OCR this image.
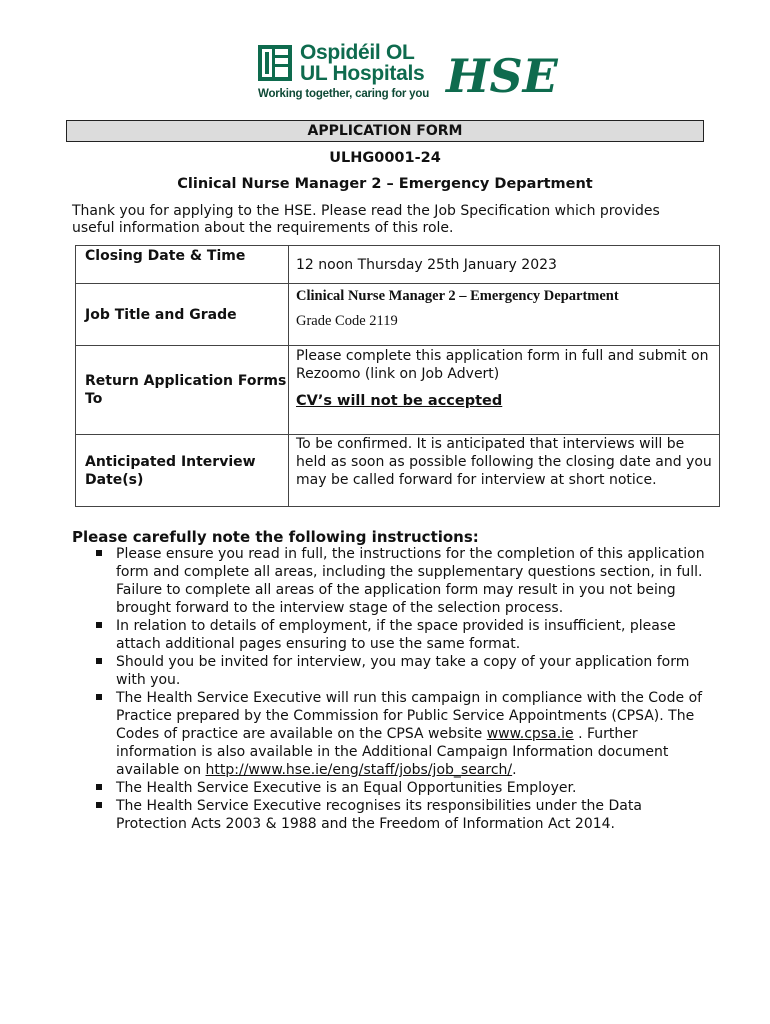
Ospidéil OL
UL Hospitals
Working together, caring for you HSE
APPLICATION FORM
ULHG0001-24
Clinical Nurse Manager 2 – Emergency Department
Thank you for applying to the HSE. Please read the Job Specification which provides useful information about the requirements of this role.
Closing Date & Time	12 noon Thursday 25th January 2023
Job Title and Grade	Clinical Nurse Manager 2 – Emergency Department
Grade Code 2119

Return Application Forms To	Please complete this application form in full and submit on Rezoomo (link on Job Advert)
CV’s will not be accepted

Anticipated Interview Date(s)	To be confirmed. It is anticipated that interviews will be held as soon as possible following the closing date and you may be called forward for interview at short notice.
Please carefully note the following instructions:
Please ensure you read in full, the instructions for the completion of this application form and complete all areas, including the supplementary questions section, in full. Failure to complete all areas of the application form may result in you not being brought forward to the interview stage of the selection process.
In relation to details of employment, if the space provided is insufficient, please attach additional pages ensuring to use the same format.
Should you be invited for interview, you may take a copy of your application form with you.
The Health Service Executive will run this campaign in compliance with the Code of Practice prepared by the Commission for Public Service Appointments (CPSA). The Codes of practice are available on the CPSA website www.cpsa.ie . Further information is also available in the Additional Campaign Information document available on http://www.hse.ie/eng/staff/jobs/job_search/.
The Health Service Executive is an Equal Opportunities Employer.
The Health Service Executive recognises its responsibilities under the Data Protection Acts 2003 & 1988 and the Freedom of Information Act 2014.
